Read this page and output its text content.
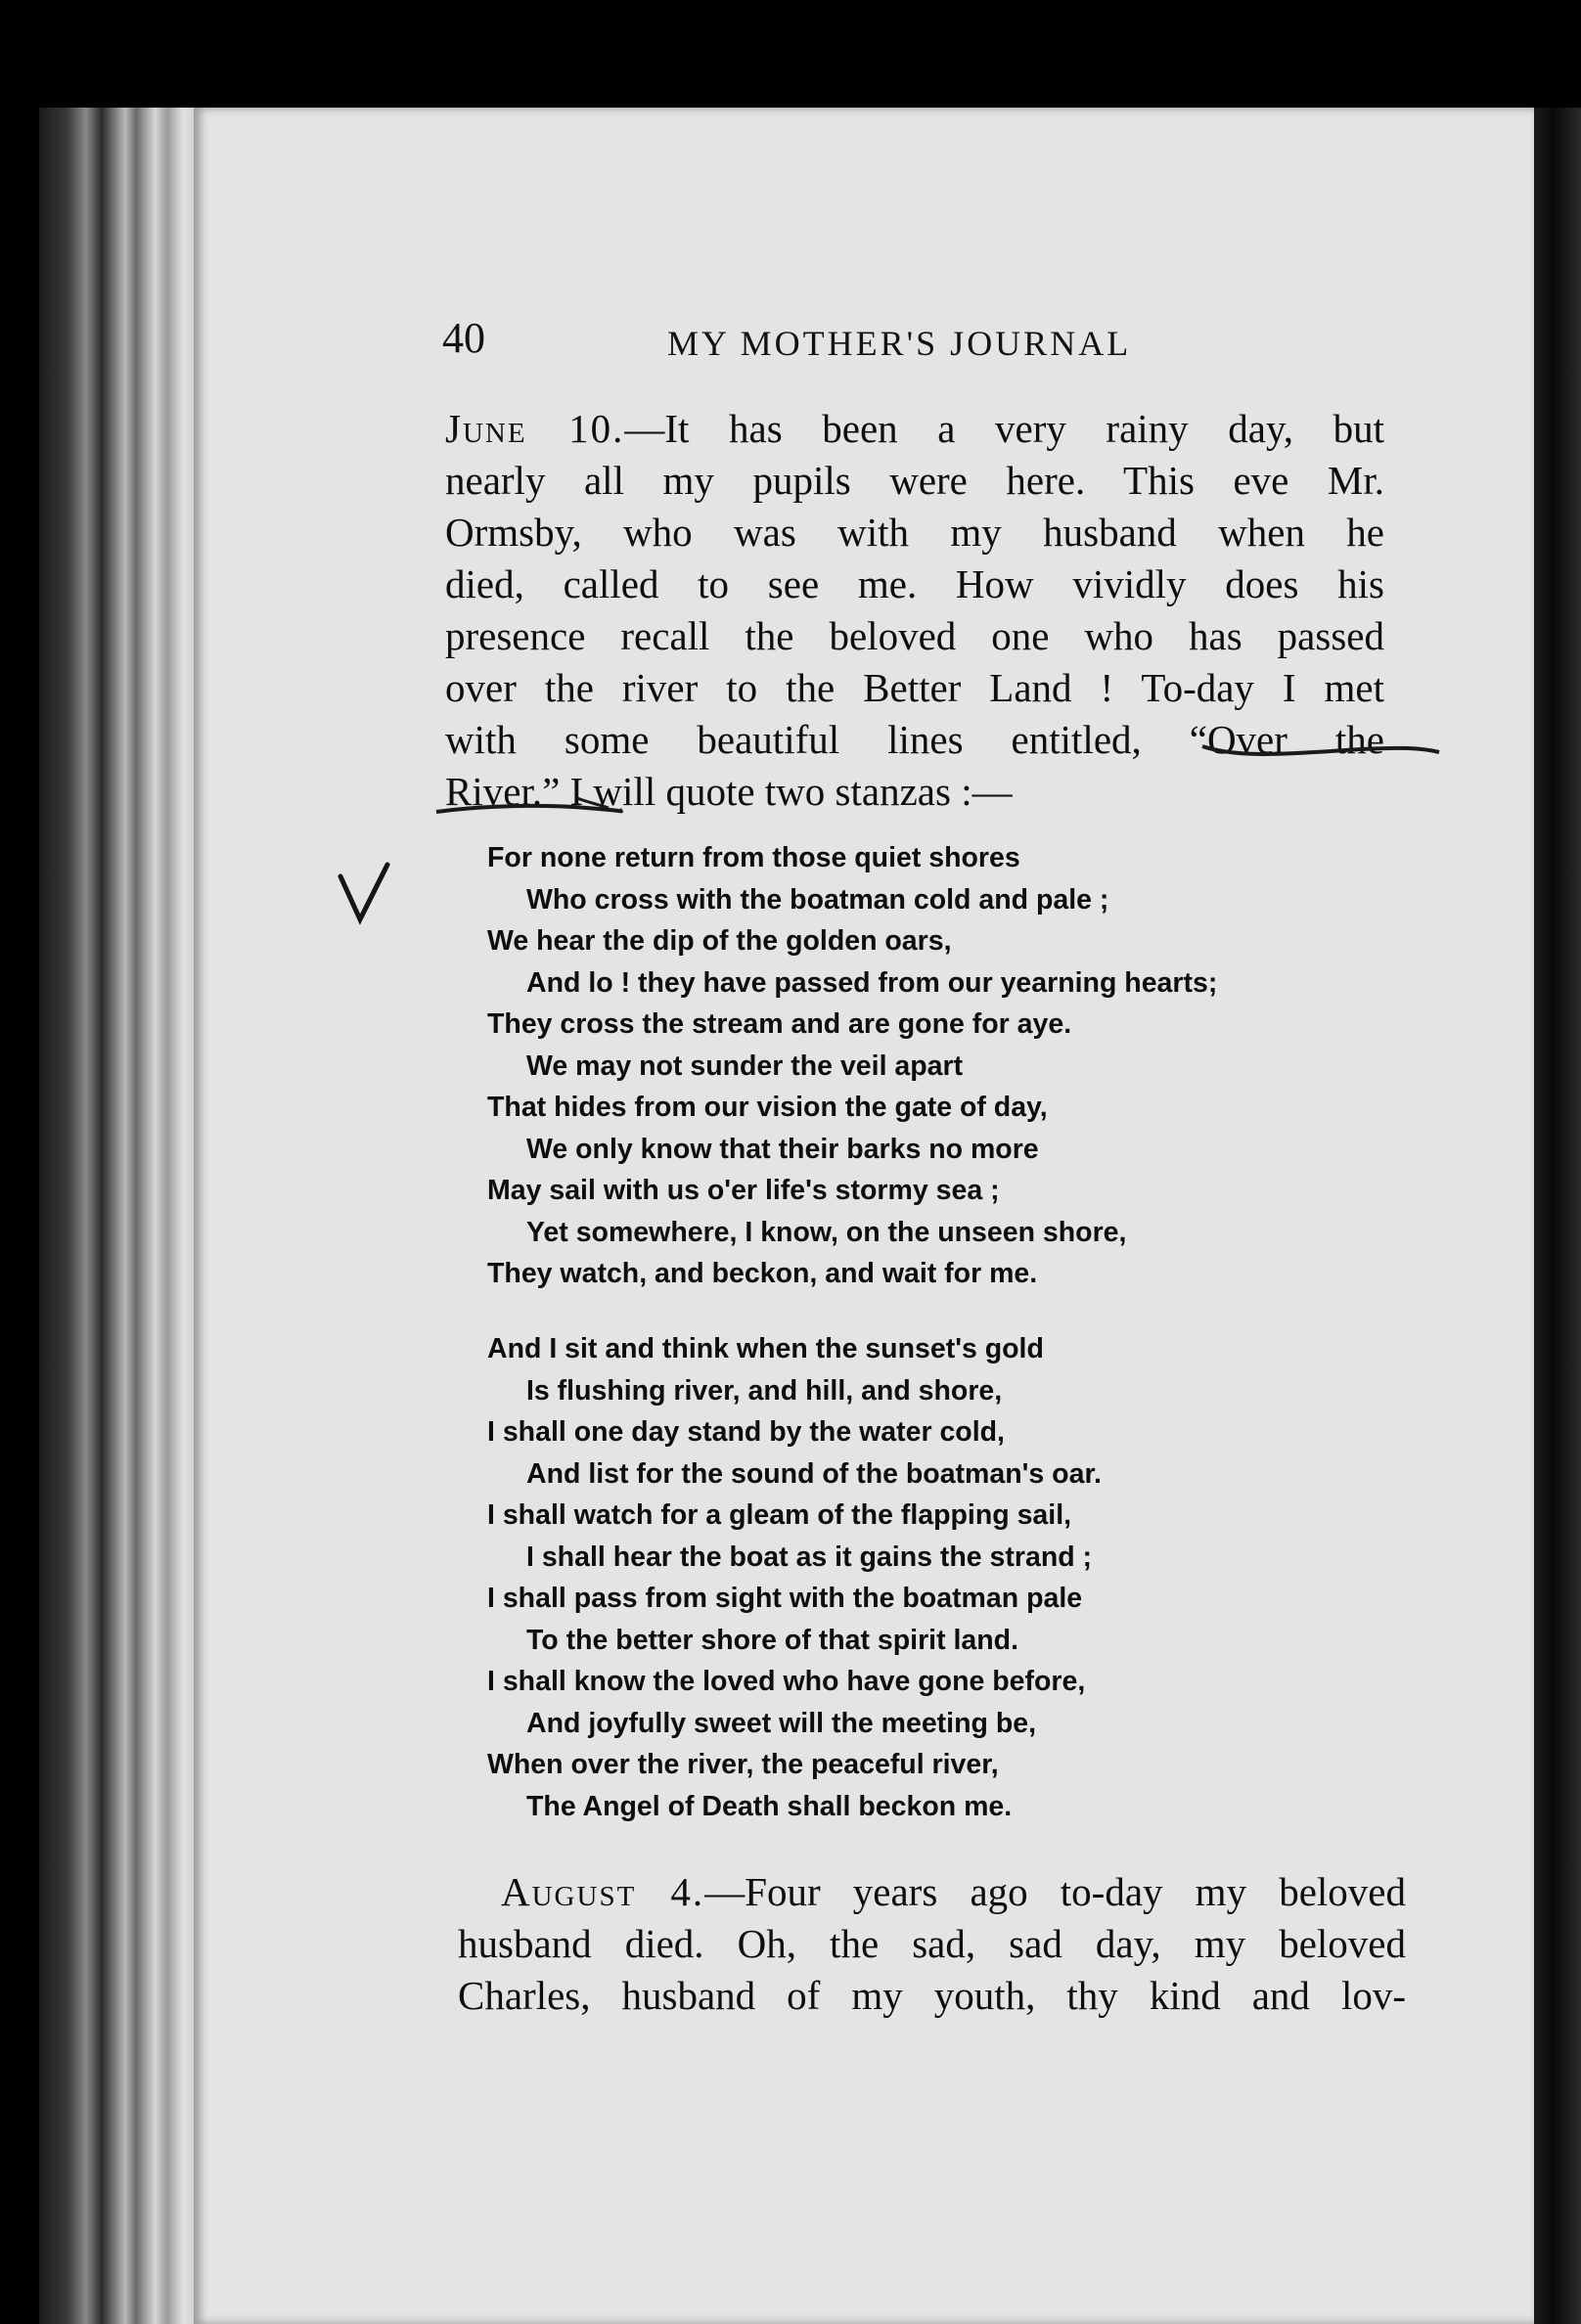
40	MY MOTHER'S JOURNAL
June 10.—It has been a very rainy day, but
nearly all my pupils were here. This eve Mr.
Ormsby, who was with my husband when he
died, called to see me. How vividly does his
presence recall the beloved one who has passed
over the river to the Better Land ! To-day I met
with some beautiful lines entitled, “Over the
River.” I will quote two stanzas :—
For none return from those quiet shores
Who cross with the boatman cold and pale ;
We hear the dip of the golden oars,
And lo ! they have passed from our yearning hearts;
They cross the stream and are gone for aye.
We may not sunder the veil apart
That hides from our vision the gate of day,
We only know that their barks no more
May sail with us o'er life's stormy sea ;
Yet somewhere, I know, on the unseen shore,
They watch, and beckon, and wait for me.
And I sit and think when the sunset's gold
Is flushing river, and hill, and shore,
I shall one day stand by the water cold,
And list for the sound of the boatman's oar.
I shall watch for a gleam of the flapping sail,
I shall hear the boat as it gains the strand ;
I shall pass from sight with the boatman pale
To the better shore of that spirit land.
I shall know the loved who have gone before,
And joyfully sweet will the meeting be,
When over the river, the peaceful river,
The Angel of Death shall beckon me.
August 4.—Four years ago to-day my beloved
husband died. Oh, the sad, sad day, my beloved
Charles, husband of my youth, thy kind and lov-
